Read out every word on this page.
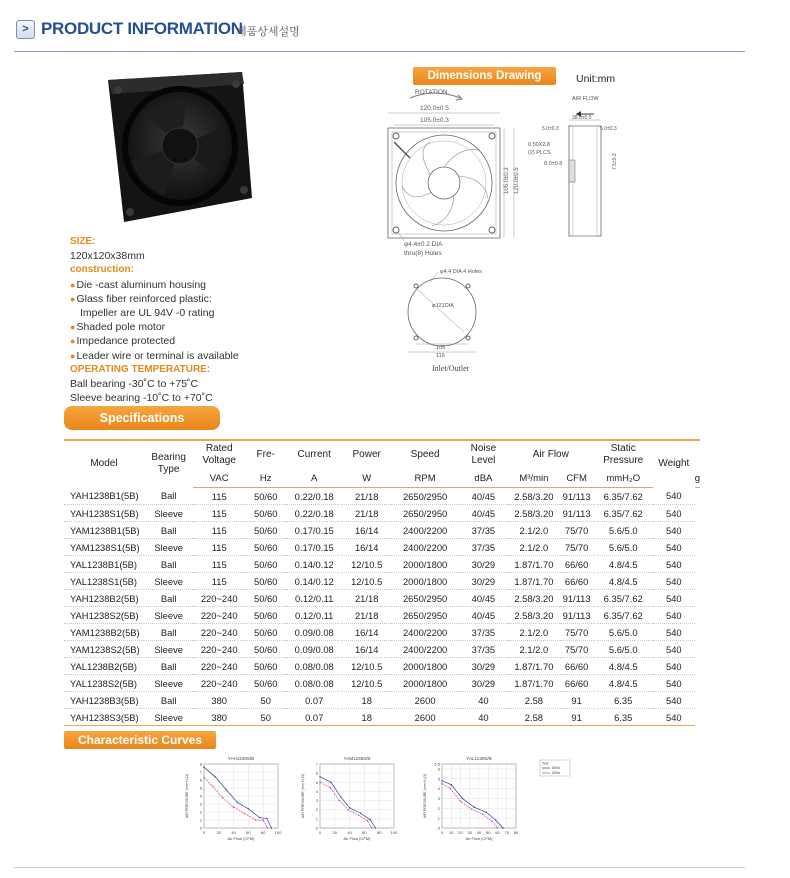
> PRODUCT INFORMATION
제품상세설명
SIZE:
120x120x38mm
construction:
● Die -cast aluminum housing
● Glass fiber reinforced plastic:
Impeller are UL 94V -0 rating
● Shaded pole motor
● Impedance protected
● Leader wire or terminal is available
OPERATING TEMPERATURE:
Ball bearing -30˚C to +75˚C
Sleeve bearing -10˚C to +70˚C
Dimensions Drawing	Unit:mm
ROTATION
120.0±0.5
105.0±0.3
105.0±0.3 120.0±0.5
φ4.4±0.2 DIA
thru(8) Holes
AIR FLOW
38.0±0.5
5.0±0.3	5.0±0.3
7.5±0.3
0.50X2.8
(2) PLCS
8.0±0.8
φ4.4 DIA 4 Holes
φ121DIA
105
116
Inlet/Outlet
Specifications
Model	Bearing Type	Rated Voltage	Fre-	Current	Power	Speed	Noise Level	Air Flow		Static Pressure	Weight	
		VAC	Hz	A	W	RPM	dBA	M³/min	CFM	mmH₂O		g
YAH1238B1(5B)	Ball	115	50/60	0.22/0.18	21/18	2650/2950	40/45	2.58/3.20	91/113	6.35/7.62	540	
YAH1238S1(5B)	Sleeve	115	50/60	0.22/0.18	21/18	2650/2950	40/45	2.58/3.20	91/113	6.35/7.62	540	
YAM1238B1(5B)	Ball	115	50/60	0.17/0.15	16/14	2400/2200	37/35	2.1/2.0	75/70	5.6/5.0	540	
YAM1238S1(5B)	Sleeve	115	50/60	0.17/0.15	16/14	2400/2200	37/35	2.1/2.0	75/70	5.6/5.0	540	
YAL1238B1(5B)	Ball	115	50/60	0.14/0.12	12/10.5	2000/1800	30/29	1.87/1.70	66/60	4.8/4.5	540	
YAL1238S1(5B)	Sleeve	115	50/60	0.14/0.12	12/10.5	2000/1800	30/29	1.87/1.70	66/60	4.8/4.5	540	
YAH1238B2(5B)	Ball	220~240	50/60	0.12/0.11	21/18	2650/2950	40/45	2.58/3.20	91/113	6.35/7.62	540	
YAH1238S2(5B)	Sleeve	220~240	50/60	0.12/0.11	21/18	2650/2950	40/45	2.58/3.20	91/113	6.35/7.62	540	
YAM1238B2(5B)	Ball	220~240	50/60	0.09/0.08	16/14	2400/2200	37/35	2.1/2.0	75/70	5.6/5.0	540	
YAM1238S2(5B)	Sleeve	220~240	50/60	0.09/0.08	16/14	2400/2200	37/35	2.1/2.0	75/70	5.6/5.0	540	
YAL1238B2(5B)	Ball	220~240	50/60	0.08/0.08	12/10.5	2000/1800	30/29	1.87/1.70	66/60	4.8/4.5	540	
YAL1238S2(5B)	Sleeve	220~240	50/60	0.08/0.08	12/10.5	2000/1800	30/29	1.87/1.70	66/60	4.8/4.5	540	
YAH1238B3(5B)	Ball	380	50	0.07	18	2600	40	2.58	91	6.35	540	
YAH1238S3(5B)	Sleeve	380	50	0.07	18	2600	40	2.58	91	6.35	540	
Characteristic Curves
YAH1238S/B
0	20	40	60	80 100
0
1
2
3
4
5
6
7
8
Air Flow (CFM)
AIR PRESSURE (mm·H₂O)
YAM1238S/B
0	20	40	60	80 100
0
1
2
3
4
5
6
7
Air Flow (CFM)
AIR PRESSURE (mm·H₂O)
YAL1238S/B
0 10 20 30 40 50 60 70 80
0
1
2
3
4
5
6
6.5
Air Flow (CFM)
AIR PRESSURE (mm·H₂O)
Test
60Hz
50Hz
